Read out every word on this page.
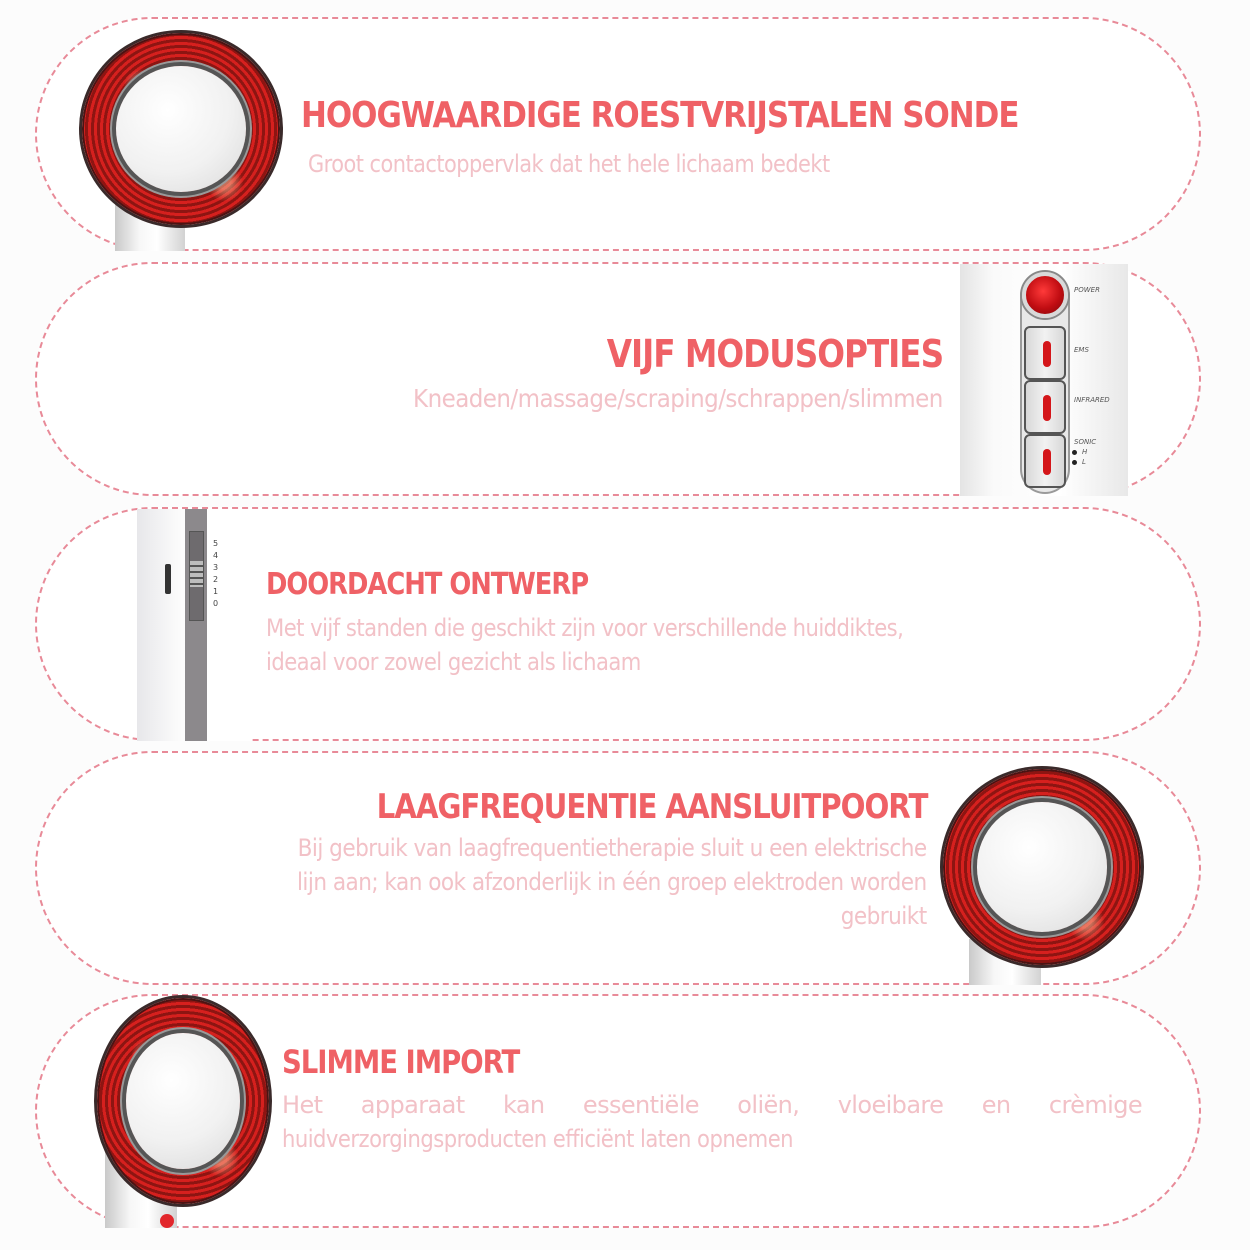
HOOGWAARDIGE ROESTVRIJSTALEN SONDE
Groot contactoppervlak dat het hele lichaam bedekt
VIJF MODUSOPTIES
Kneaden/massage/scraping/schrappen/slimmen
POWER
EMS
INFRARED
SONIC
H
L
5
4
3
2
1
0
DOORDACHT ONTWERP
Met vijf standen die geschikt zijn voor verschillende huiddiktes,
ideaal voor zowel gezicht als lichaam
LAAGFREQUENTIE AANSLUITPOORT
Bij gebruik van laagfrequentietherapie sluit u een elektrische
lijn aan; kan ook afzonderlijk in één groep elektroden worden
gebruikt
SLIMME IMPORT
Het apparaat kan essentiële oliën, vloeibare en crèmige
huidverzorgingsproducten efficiënt laten opnemen
